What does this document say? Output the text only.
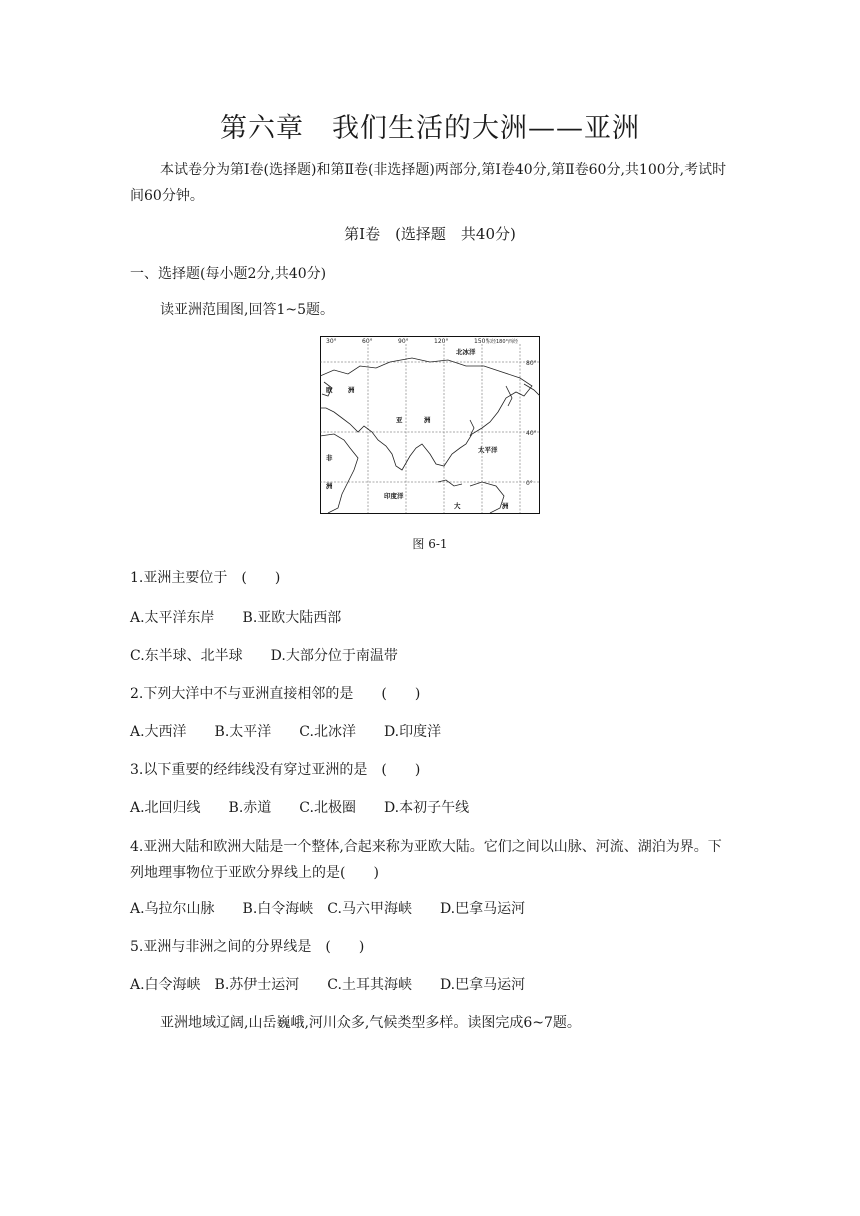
第六章　我们生活的大洲——亚洲
本试卷分为第Ⅰ卷(选择题)和第Ⅱ卷(非选择题)两部分,第Ⅰ卷40分,第Ⅱ卷60分,共100分,考试时间60分钟。
第Ⅰ卷　(选择题　共40分)
一、选择题(每小题2分,共40分)
读亚洲范围图,回答1~5题。
30°	60°	90°	120°	150°
东经180°西经
80°
40°
0°
欧 洲
亚	洲
非
洲
北冰洋
太平洋
印度洋
大	洲
图 6-1
1.亚洲主要位于　(　　)
A.太平洋东岸　　B.亚欧大陆西部
C.东半球、北半球　　D.大部分位于南温带
2.下列大洋中不与亚洲直接相邻的是　　(　　)
A.大西洋　　B.太平洋　　C.北冰洋　　D.印度洋
3.以下重要的经纬线没有穿过亚洲的是　(　　)
A.北回归线　　B.赤道　　C.北极圈　　D.本初子午线
4.亚洲大陆和欧洲大陆是一个整体,合起来称为亚欧大陆。它们之间以山脉、河流、湖泊为界。下列地理事物位于亚欧分界线上的是(　　)
A.乌拉尔山脉　　B.白令海峡　C.马六甲海峡　　D.巴拿马运河
5.亚洲与非洲之间的分界线是　(　　)
A.白令海峡　B.苏伊士运河　　C.土耳其海峡　　D.巴拿马运河
亚洲地域辽阔,山岳巍峨,河川众多,气候类型多样。读图完成6~7题。
